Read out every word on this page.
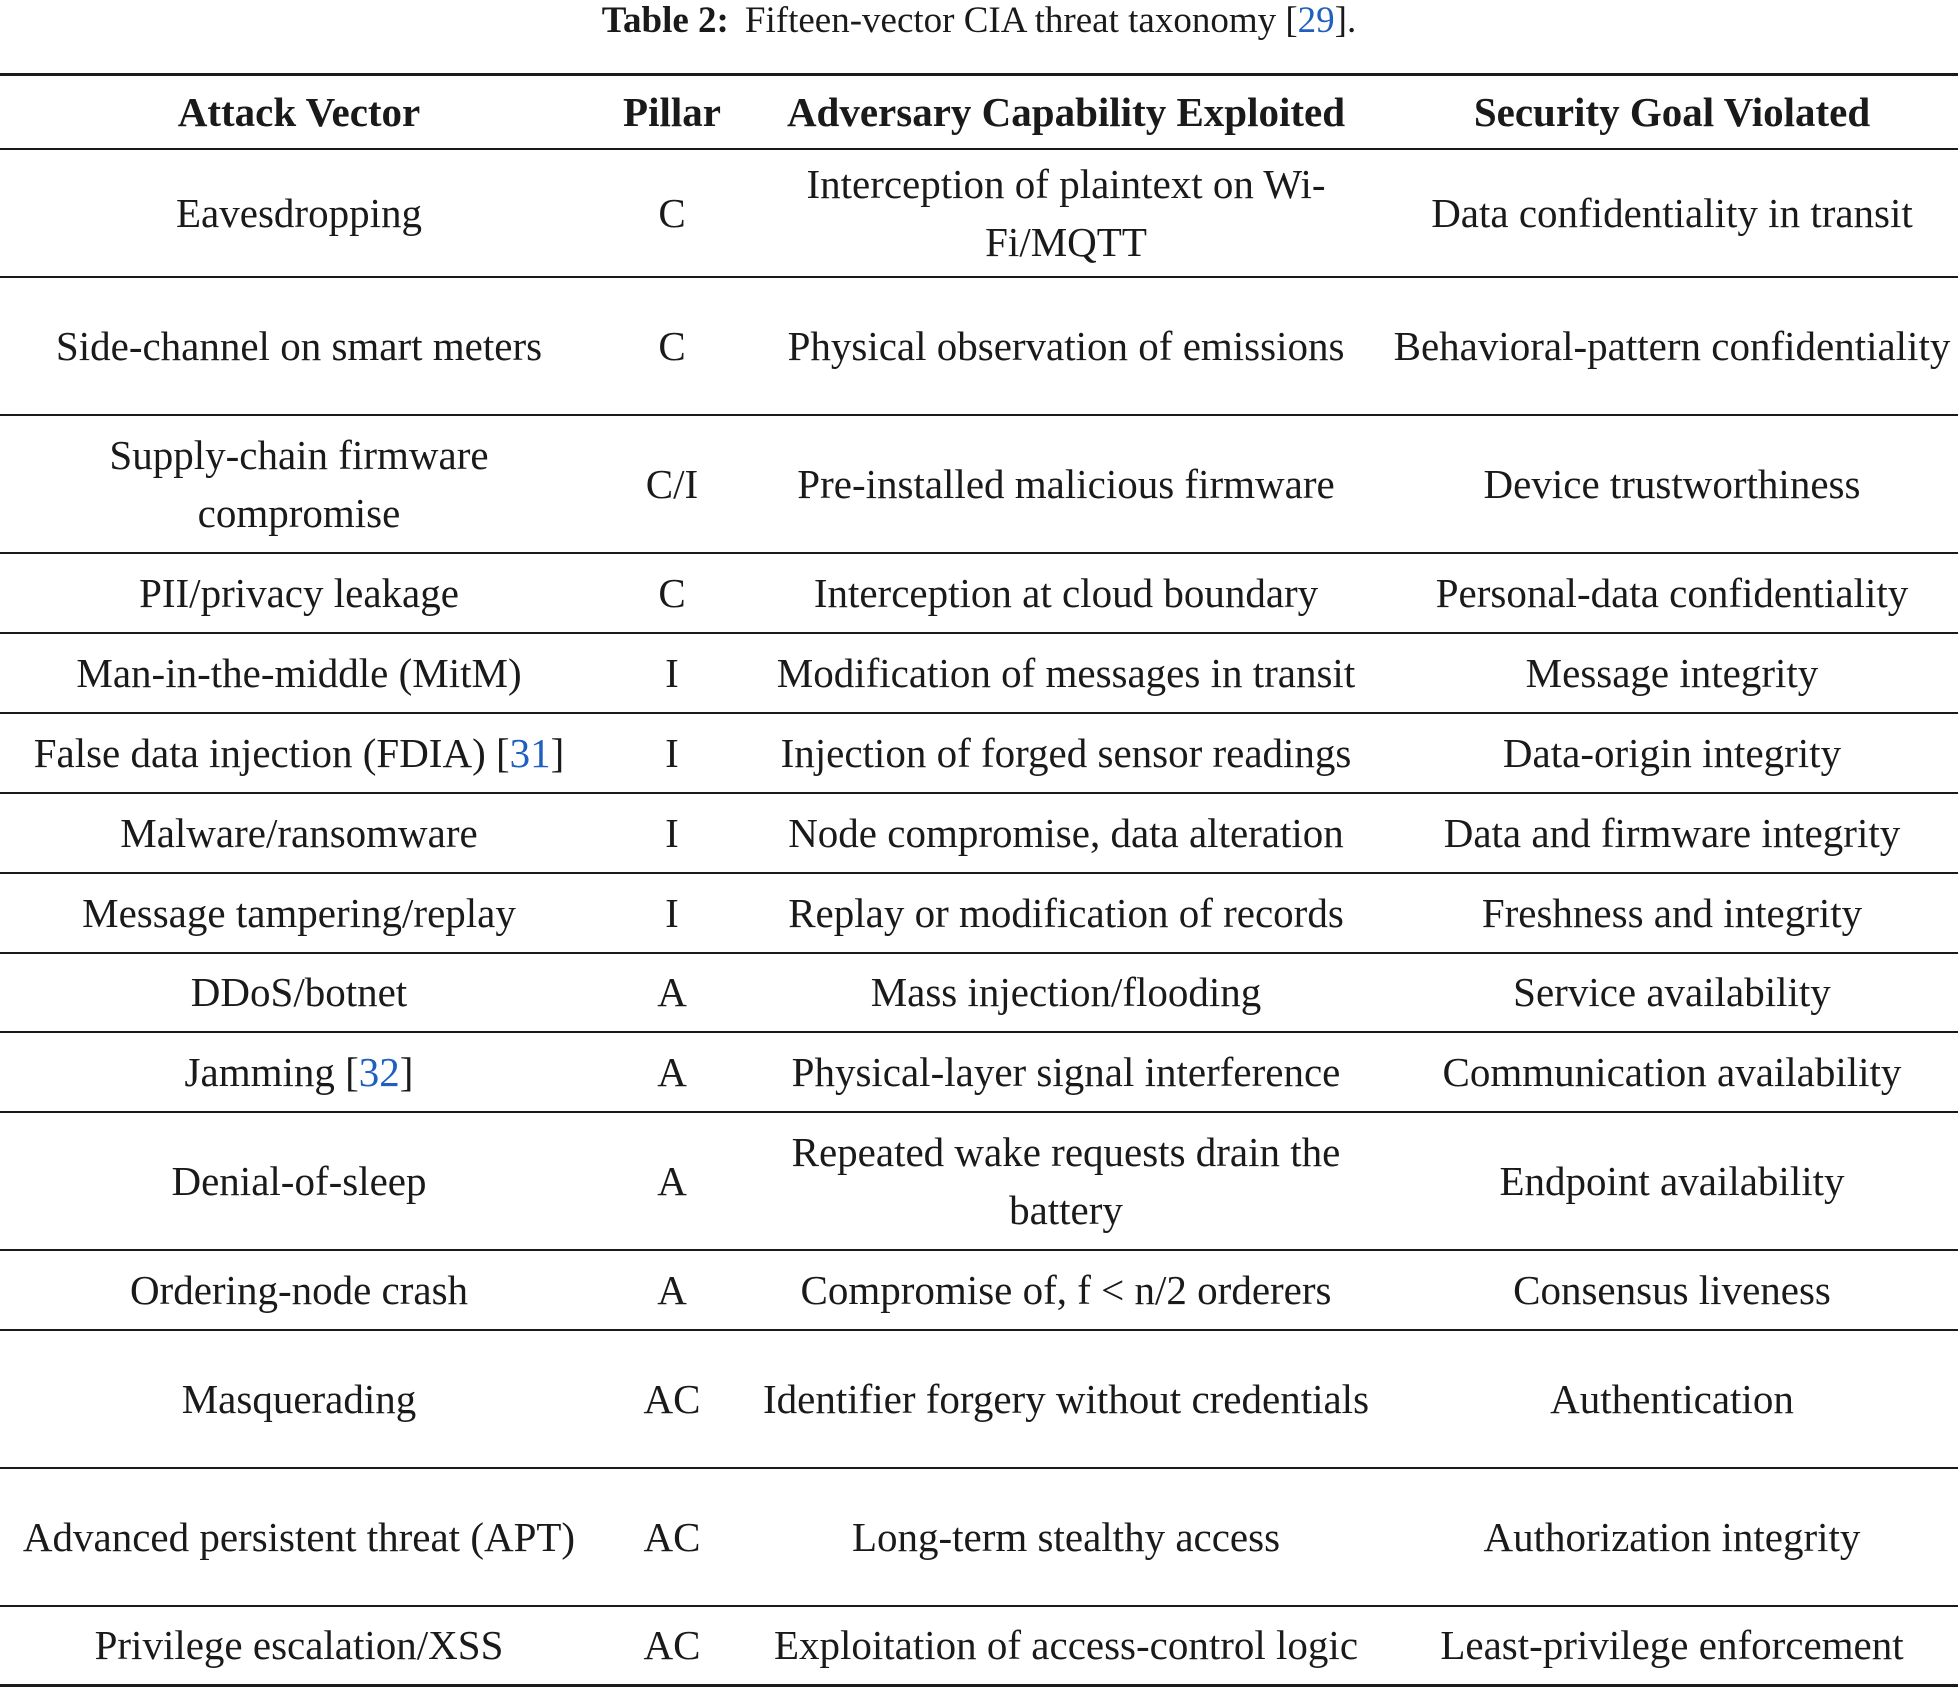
Table 2: Fifteen-vector CIA threat taxonomy [29].
Attack Vector	Pillar	Adversary Capability Exploited	Security Goal Violated
Eavesdropping	C	Interception of plaintext on Wi-Fi/MQTT	Data confidentiality in transit
Side-channel on smart meters	C	Physical observation of emissions	Behavioral-pattern confidentiality
Supply-chain firmware compromise	C/I	Pre-installed malicious firmware	Device trustworthiness
PII/privacy leakage	C	Interception at cloud boundary	Personal-data confidentiality
Man-in-the-middle (MitM)	I	Modification of messages in transit	Message integrity
False data injection (FDIA) [31]	I	Injection of forged sensor readings	Data-origin integrity
Malware/ransomware	I	Node compromise, data alteration	Data and firmware integrity
Message tampering/replay	I	Replay or modification of records	Freshness and integrity
DDoS/botnet	A	Mass injection/flooding	Service availability
Jamming [32]	A	Physical-layer signal interference	Communication availability
Denial-of-sleep	A	Repeated wake requests drain the battery	Endpoint availability
Ordering-node crash	A	Compromise of, f < n/2 orderers	Consensus liveness
Masquerading	AC	Identifier forgery without credentials	Authentication
Advanced persistent threat (APT)	AC	Long-term stealthy access	Authorization integrity
Privilege escalation/XSS	AC	Exploitation of access-control logic	Least-privilege enforcement
